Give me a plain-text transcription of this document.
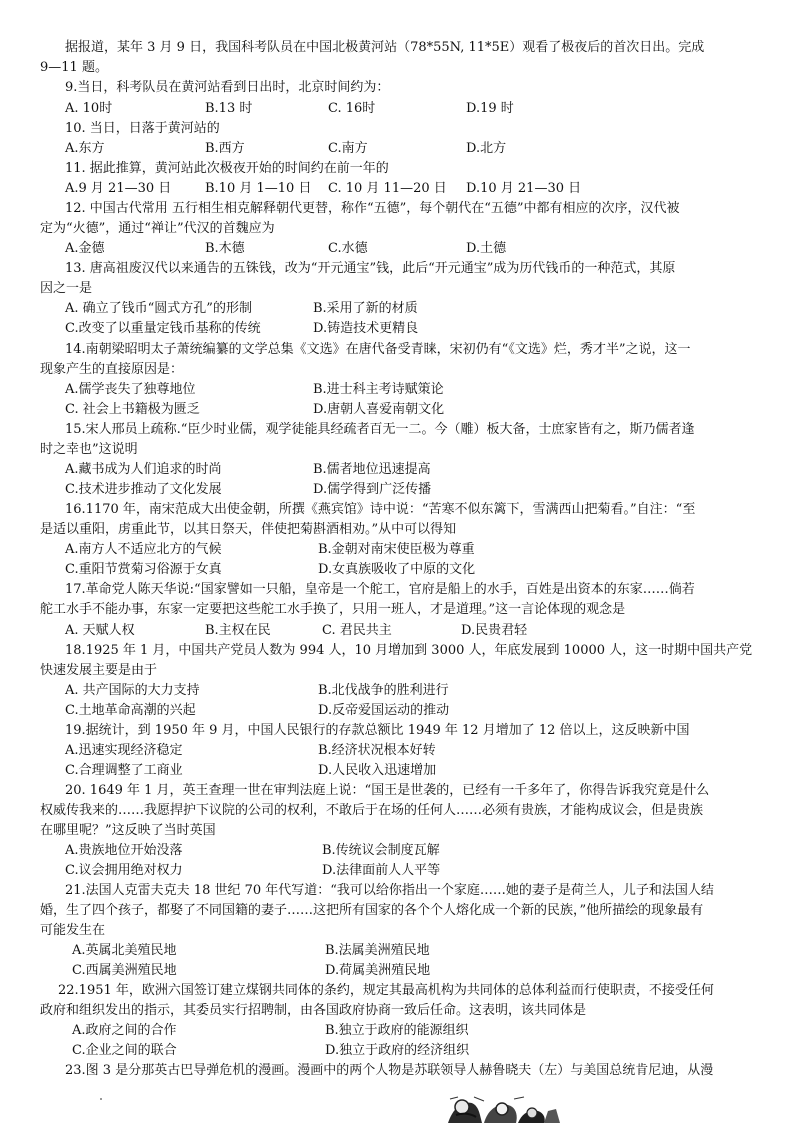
据报道，某年 3 月 9 日，我国科考队员在中国北极黄河站（78*55N, 11*5E）观看了极夜后的首次日出。完成
9—11 题。
9.当日，科考队员在黄河站看到日出时，北京时间约为：
A. 10时	B.13 时	C. 16时	D.19 时
10. 当日，日落于黄河站的
A.东方	B.西方	C.南方	D.北方
11. 据此推算，黄河站此次极夜开始的时间约在前一年的
A.9 月 21—30 日	B.10 月 1—10 日 C. 10 月 11—20 日 D.10 月 21—30 日
12. 中国古代常用 五行相生相克解释朝代更替，称作“五德”，每个朝代在“五德”中都有相应的次序，汉代被
定为“火德”，通过“禅让”代汉的首魏应为
A.金德	B.木德	C.水德	D.土德
13. 唐高祖废汉代以来通告的五铢钱，改为“开元通宝”钱，此后“开元通宝”成为历代钱币的一种范式，其原
因之一是
A. 确立了钱币“圆式方孔”的形制	B.采用了新的材质
C.改变了以重量定钱币基称的传统	D.铸造技术更精良
14.南朝梁昭明太子萧统编纂的文学总集《文选》在唐代备受青睐，宋初仍有“《文选》烂，秀才半”之说，这一
现象产生的直接原因是：
A.儒学丧失了独尊地位	B.进士科主考诗赋策论
C. 社会上书籍极为匮乏	D.唐朝人喜爱南朝文化
15.宋人邢员上疏称.“臣少时业儒，观学徒能具经疏者百无一二。今（雕）板大备，士庶家皆有之，斯乃儒者逢
时之幸也”这说明
A.藏书成为人们追求的时尚	B.儒者地位迅速提高
C.技术进步推动了文化发展	D.儒学得到广泛传播
16.1170 年，南宋范成大出使金朝，所撰《燕宾馆》诗中说：“苦寒不似东篱下，雪满西山把菊看。”自注：“至
是适以重阳，虏重此节，以其日祭天，伴使把菊斟酒相劝。”从中可以得知
A.南方人不适应北方的气候	B.金朝对南宋使臣极为尊重
C.重阳节赏菊习俗源于女真	D.女真族吸收了中原的文化
17.革命党人陈天华说:“国家譬如一只船，皇帝是一个舵工，官府是船上的水手，百姓是出资本的东家……倘若
舵工水手不能办事，东家一定要把这些舵工水手换了，只用一班人，才是道理。”这一言论体现的观念是
A. 天赋人权	B.主权在民	C. 君民共主	D.民贵君轻
18.1925 年 1 月，中国共产党员人数为 994 人，10 月增加到 3000 人，年底发展到 10000 人，这一时期中国共产党
快速发展主要是由于
A. 共产国际的大力支持	B.北伐战争的胜利进行
C.土地革命高潮的兴起	D.反帝爱国运动的推动
19.据统计，到 1950 年 9 月，中国人民银行的存款总额比 1949 年 12 月增加了 12 倍以上，这反映新中国
A.迅速实现经济稳定	B.经济状况根本好转
C.合理调整了工商业	D.人民收入迅速增加
20. 1649 年 1 月，英王查理一世在审判法庭上说：“国王是世袭的，已经有一千多年了，你得告诉我究竟是什么
权威传我来的……我愿捍护下议院的公司的权利，不敢后于在场的任何人……必须有贵族，才能构成议会，但是贵族
在哪里呢？”这反映了当时英国
A.贵族地位开始没落	B.传统议会制度瓦解
C.议会拥用绝对权力	D.法律面前人人平等
21.法国人克雷夫克夫 18 世纪 70 年代写道：“我可以给你指出一个家庭……她的妻子是荷兰人，儿子和法国人结
婚，生了四个孩子，都娶了不同国籍的妻子……这把所有国家的各个个人熔化成一个新的民族，”他所描绘的现象最有
可能发生在
A.英属北美殖民地	B.法属美洲殖民地
C.西属美洲殖民地	D.荷属美洲殖民地
22.1951 年，欧洲六国签订建立煤钢共同体的条约，规定其最高机构为共同体的总体利益而行使职责，不接受任何
政府和组织发出的指示，其委员实行招聘制，由各国政府协商一致后任命。这表明，该共同体是
A.政府之间的合作	B.独立于政府的能源组织
C.企业之间的联合	D.独立于政府的经济组织
23.图 3 是分那英古巴导弹危机的漫画。漫画中的两个人物是苏联领导人赫鲁晓夫（左）与美国总统肯尼迪，从漫
